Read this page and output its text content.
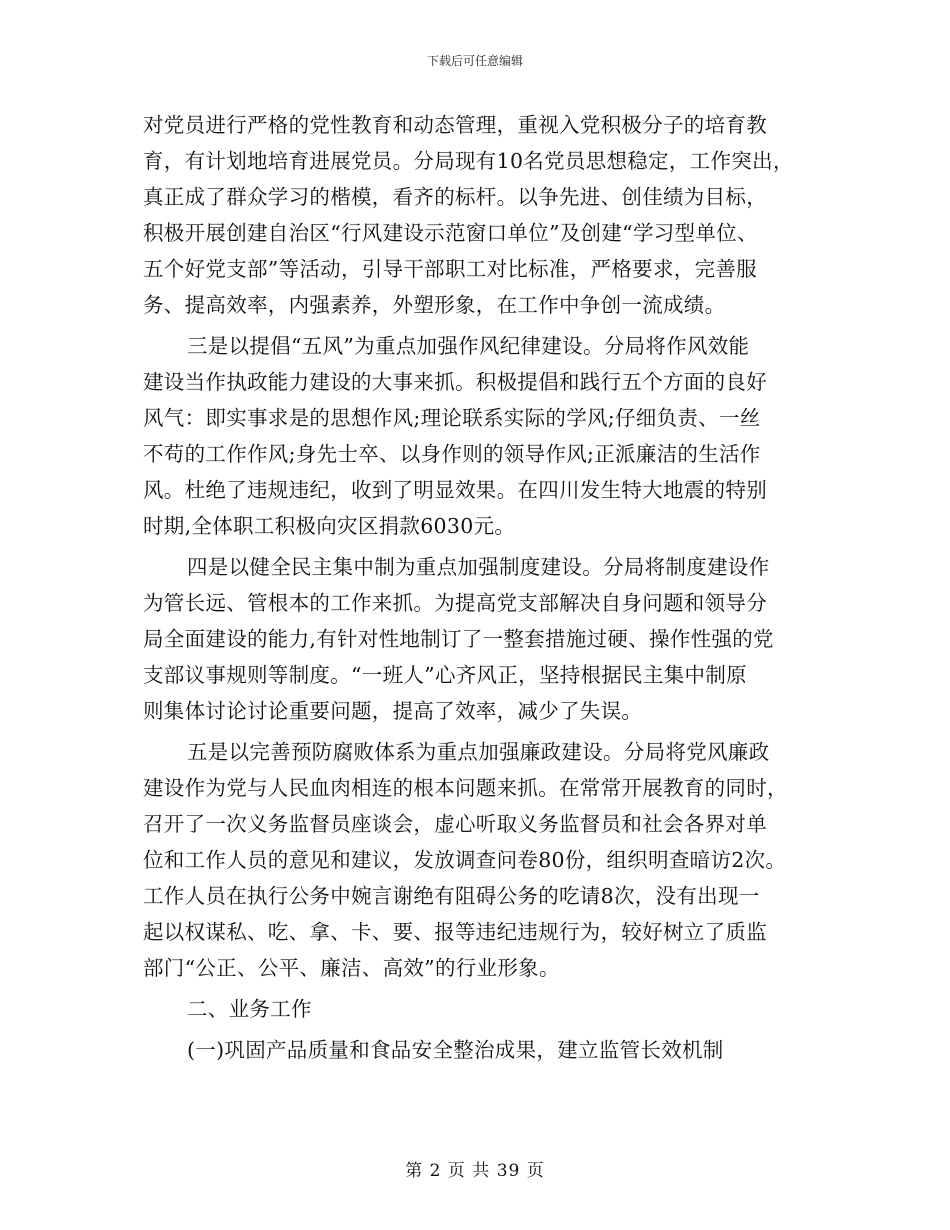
下载后可任意编辑
对党员进行严格的党性教育和动态管理，重视入党积极分子的培育教
育，有计划地培育进展党员。分局现有10名党员思想稳定，工作突出，
真正成了群众学习的楷模，看齐的标杆。以争先进、创佳绩为目标，
积极开展创建自治区“行风建设示范窗口单位”及创建“学习型单位、
五个好党支部”等活动，引导干部职工对比标准，严格要求，完善服
务、提高效率，内强素养，外塑形象，在工作中争创一流成绩。
三是以提倡“五风”为重点加强作风纪律建设。分局将作风效能
建设当作执政能力建设的大事来抓。积极提倡和践行五个方面的良好
风气：即实事求是的思想作风;理论联系实际的学风;仔细负责、一丝
不苟的工作作风;身先士卒、以身作则的领导作风;正派廉洁的生活作
风。杜绝了违规违纪，收到了明显效果。在四川发生特大地震的特别
时期,全体职工积极向灾区捐款6030元。
四是以健全民主集中制为重点加强制度建设。分局将制度建设作
为管长远、管根本的工作来抓。为提高党支部解决自身问题和领导分
局全面建设的能力,有针对性地制订了一整套措施过硬、操作性强的党
支部议事规则等制度。“一班人”心齐风正，坚持根据民主集中制原
则集体讨论讨论重要问题，提高了效率，减少了失误。
五是以完善预防腐败体系为重点加强廉政建设。分局将党风廉政
建设作为党与人民血肉相连的根本问题来抓。在常常开展教育的同时，
召开了一次义务监督员座谈会，虚心听取义务监督员和社会各界对单
位和工作人员的意见和建议，发放调查问卷80份，组织明查暗访2次。
工作人员在执行公务中婉言谢绝有阻碍公务的吃请8次，没有出现一
起以权谋私、吃、拿、卡、要、报等违纪违规行为，较好树立了质监
部门“公正、公平、廉洁、高效”的行业形象。
二、业务工作
(一)巩固产品质量和食品安全整治成果，建立监管长效机制
第 2 页 共 39 页
